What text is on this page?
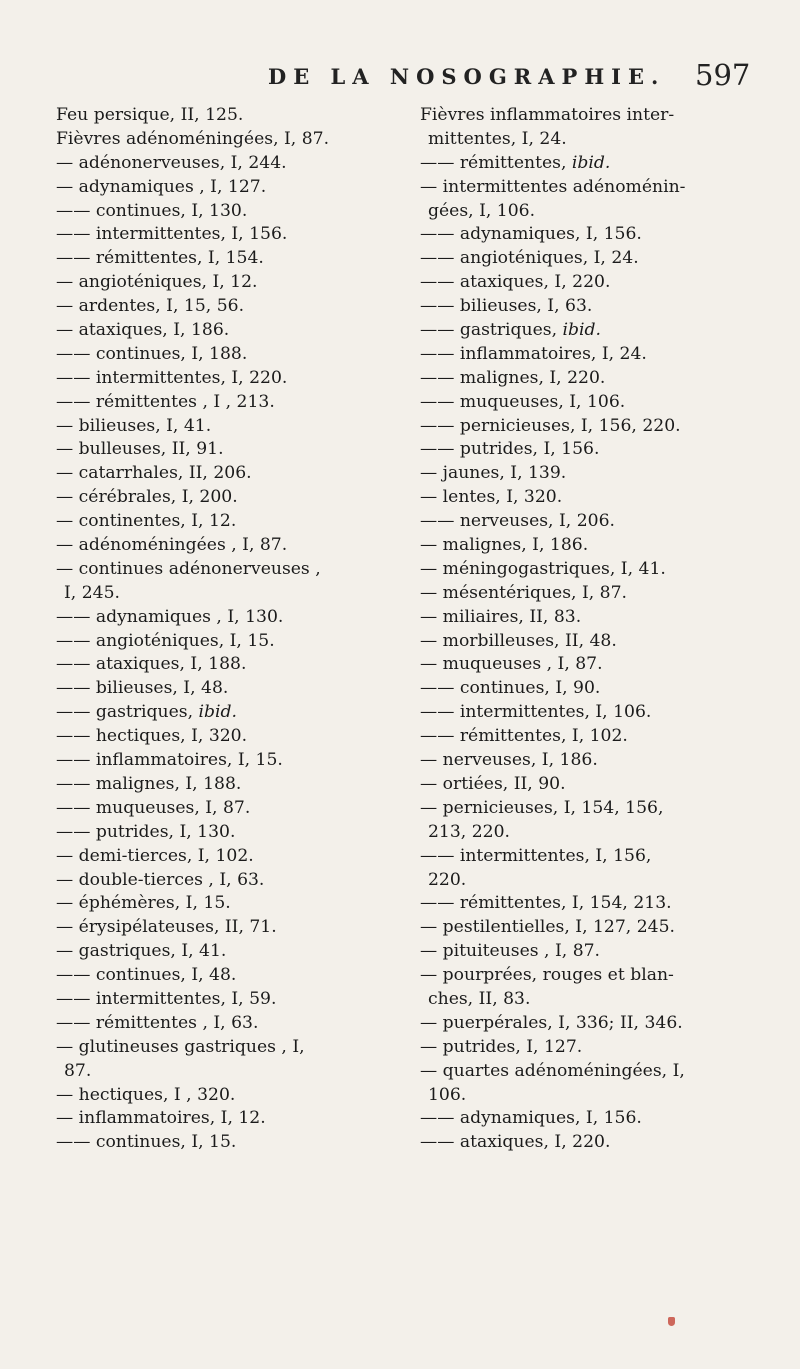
DE LA NOSOGRAPHIE. 597
Feu persique, II, 125.
Fièvres adénoméningées, I, 87.
— adénonerveuses, I, 244.
— adynamiques , I, 127.
—— continues, I, 130.
—— intermittentes, I, 156.
—— rémittentes, I, 154.
— angioténiques, I, 12.
— ardentes, I, 15, 56.
— ataxiques, I, 186.
—— continues, I, 188.
—— intermittentes, I, 220.
—— rémittentes , I , 213.
— bilieuses, I, 41.
— bulleuses, II, 91.
— catarrhales, II, 206.
— cérébrales, I, 200.
— continentes, I, 12.
— adénoméningées , I, 87.
— continues adénonerveuses ,
I, 245.
—— adynamiques , I, 130.
—— angioténiques, I, 15.
—— ataxiques, I, 188.
—— bilieuses, I, 48.
—— gastriques, ibid.
—— hectiques, I, 320.
—— inflammatoires, I, 15.
—— malignes, I, 188.
—— muqueuses, I, 87.
—— putrides, I, 130.
— demi-tierces, I, 102.
— double-tierces , I, 63.
— éphémères, I, 15.
— érysipélateuses, II, 71.
— gastriques, I, 41.
—— continues, I, 48.
—— intermittentes, I, 59.
—— rémittentes , I, 63.
— glutineuses gastriques , I,
87.
— hectiques, I , 320.
— inflammatoires, I, 12.
—— continues, I, 15.
Fièvres inflammatoires inter-
mittentes, I, 24.
—— rémittentes, ibid.
— intermittentes adénoménin-
gées, I, 106.
—— adynamiques, I, 156.
—— angioténiques, I, 24.
—— ataxiques, I, 220.
—— bilieuses, I, 63.
—— gastriques, ibid.
—— inflammatoires, I, 24.
—— malignes, I, 220.
—— muqueuses, I, 106.
—— pernicieuses, I, 156, 220.
—— putrides, I, 156.
— jaunes, I, 139.
— lentes, I, 320.
—— nerveuses, I, 206.
— malignes, I, 186.
— méningogastriques, I, 41.
— mésentériques, I, 87.
— miliaires, II, 83.
— morbilleuses, II, 48.
— muqueuses , I, 87.
—— continues, I, 90.
—— intermittentes, I, 106.
—— rémittentes, I, 102.
— nerveuses, I, 186.
— ortiées, II, 90.
— pernicieuses, I, 154, 156,
213, 220.
—— intermittentes, I, 156,
220.
—— rémittentes, I, 154, 213.
— pestilentielles, I, 127, 245.
— pituiteuses , I, 87.
— pourprées, rouges et blan-
ches, II, 83.
— puerpérales, I, 336; II, 346.
— putrides, I, 127.
— quartes adénoméningées, I,
106.
—— adynamiques, I, 156.
—— ataxiques, I, 220.
